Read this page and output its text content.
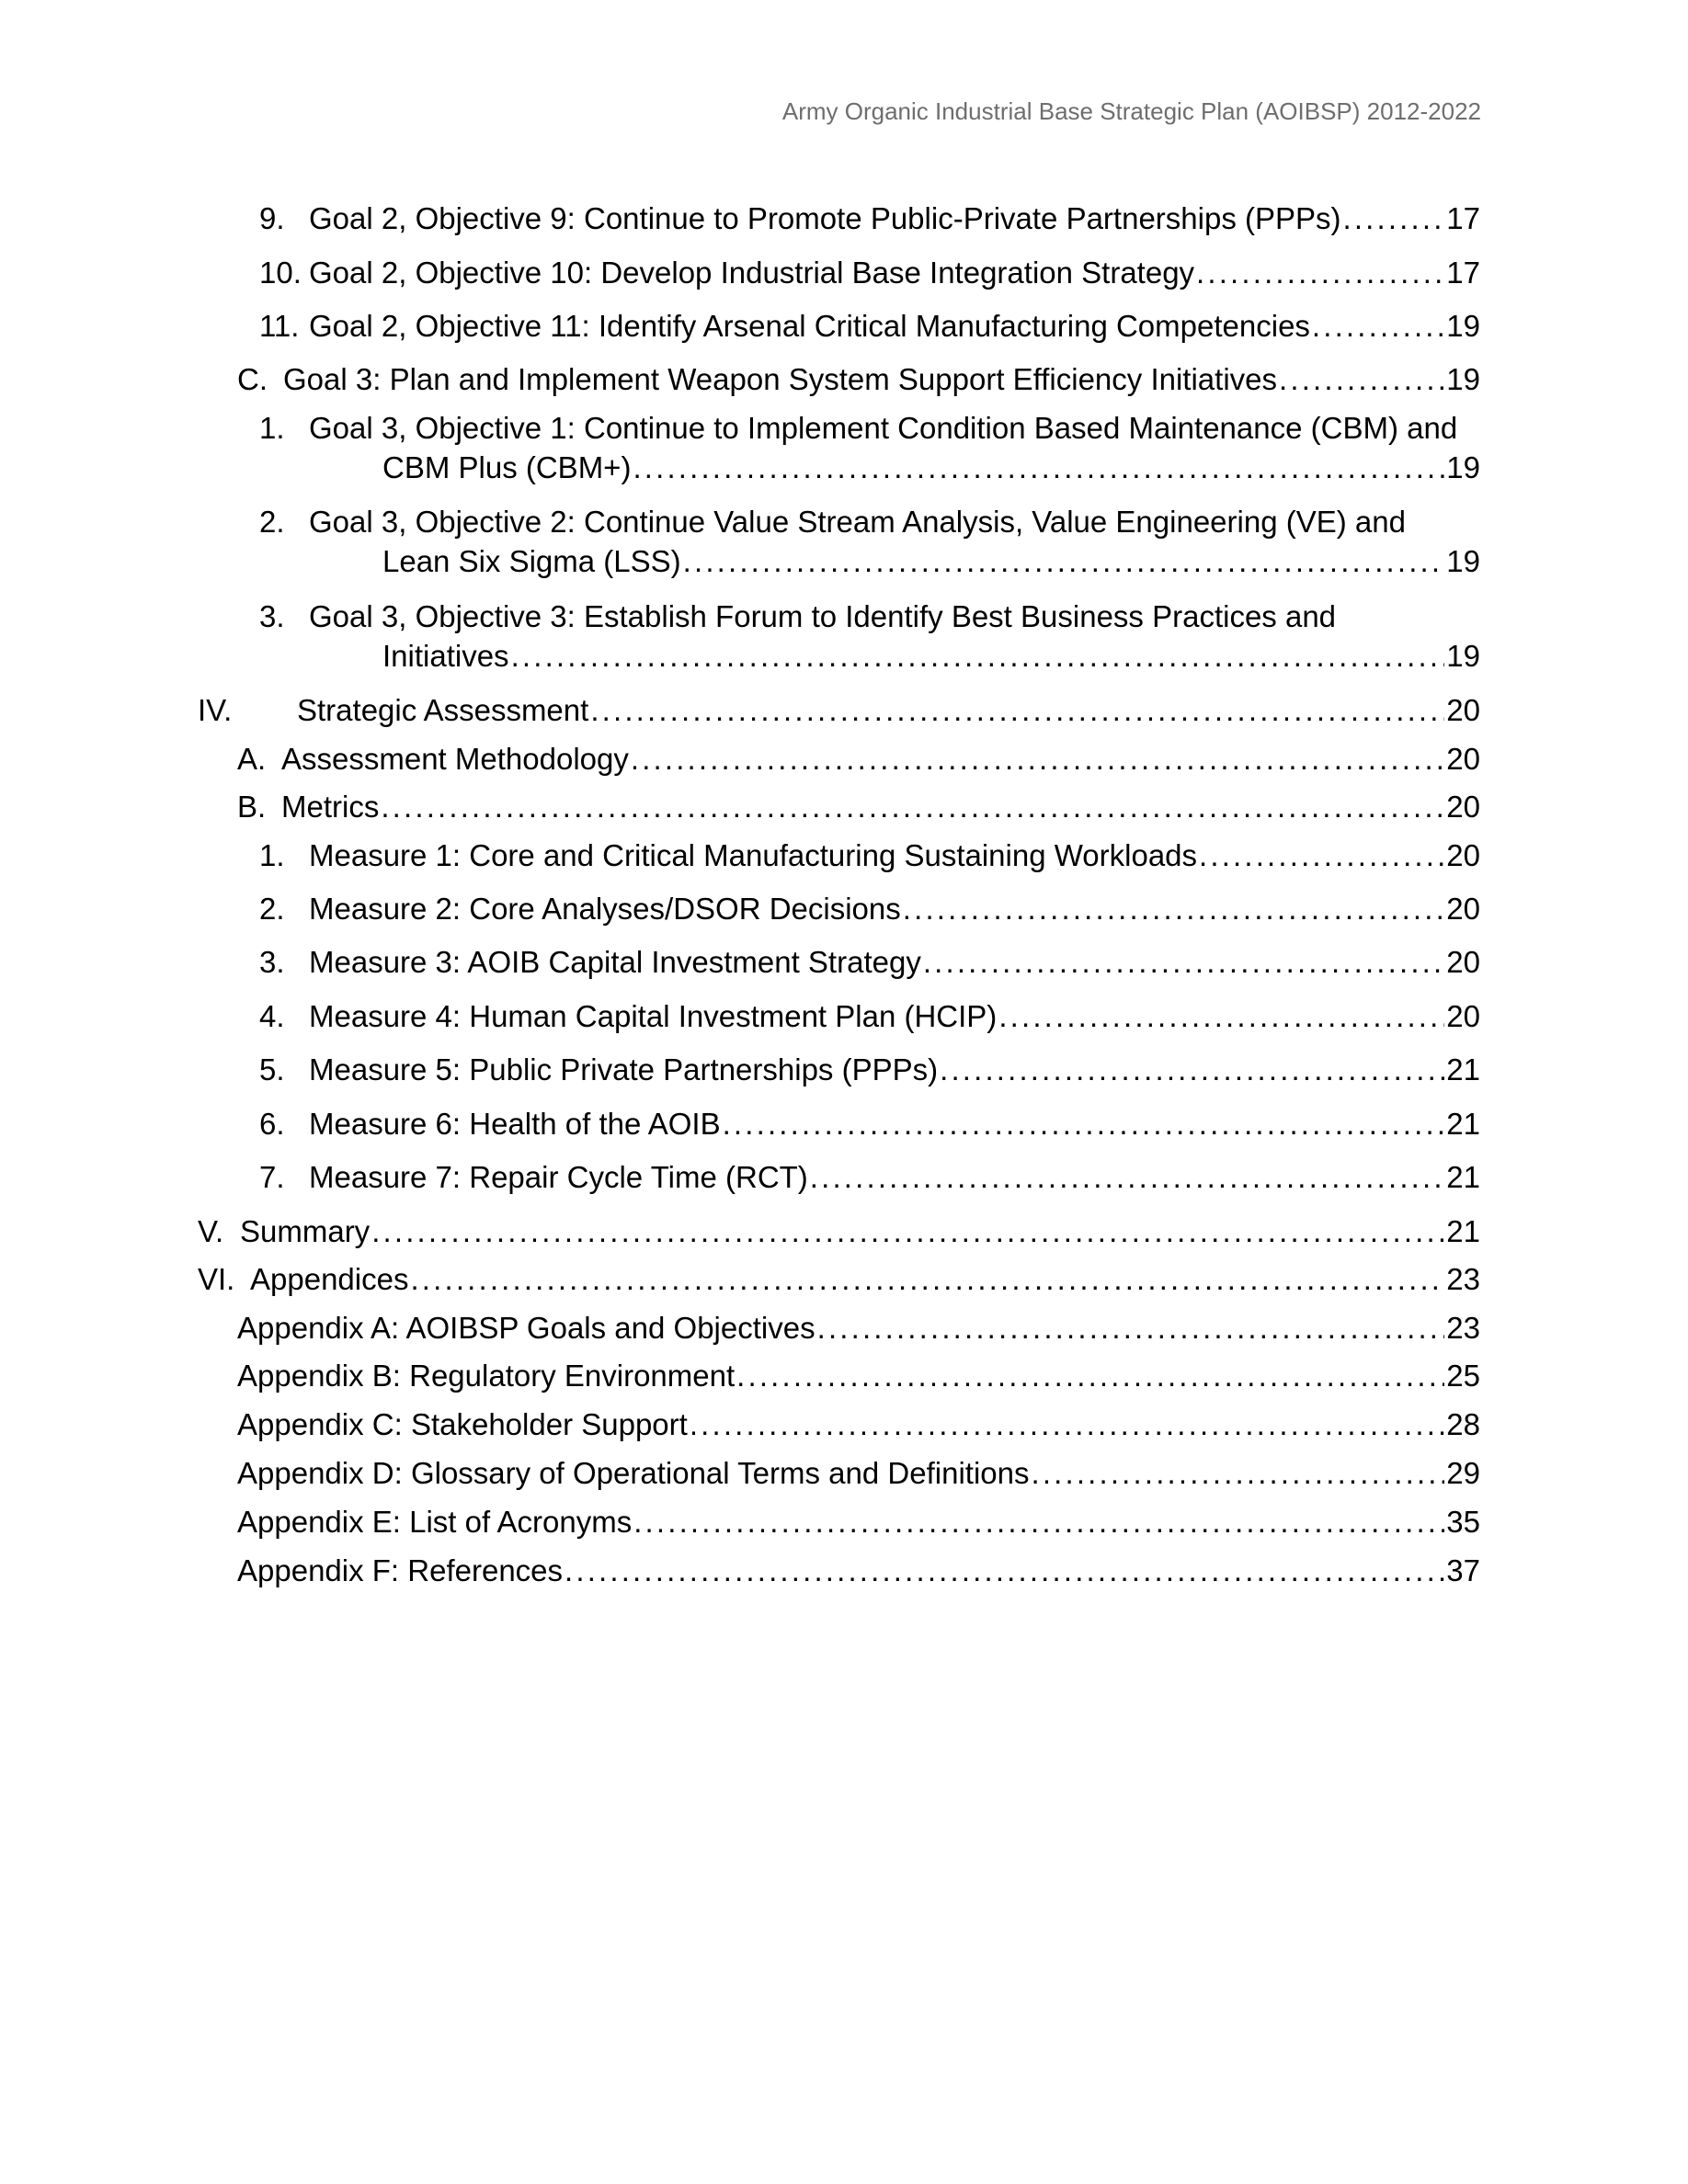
Army Organic Industrial Base Strategic Plan (AOIBSP) 2012-2022
9. Goal 2, Objective 9: Continue to Promote Public-Private Partnerships (PPPs) . . .	17
10. Goal 2, Objective 10: Develop Industrial Base Integration Strategy . . .	17
11. Goal 2, Objective 11: Identify Arsenal Critical Manufacturing Competencies . . .	19
C. Goal 3: Plan and Implement Weapon System Support Efficiency Initiatives . . .	19
1. Goal 3, Objective 1: Continue to Implement Condition Based Maintenance (CBM) and
CBM Plus (CBM+) . . .	19
2. Goal 3, Objective 2: Continue Value Stream Analysis, Value Engineering (VE) and
Lean Six Sigma (LSS) . . .	19
3. Goal 3, Objective 3: Establish Forum to Identify Best Business Practices and
Initiatives . . .	19
IV.	Strategic Assessment . . .	20
A. Assessment Methodology . . .	20
B. Metrics . . .	20
1. Measure 1: Core and Critical Manufacturing Sustaining Workloads . . .	20
2. Measure 2: Core Analyses/DSOR Decisions . . .	20
3. Measure 3: AOIB Capital Investment Strategy . . .	20
4. Measure 4: Human Capital Investment Plan (HCIP) . . .	20
5. Measure 5: Public Private Partnerships (PPPs) . . .	21
6. Measure 6: Health of the AOIB . . .	21
7. Measure 7: Repair Cycle Time (RCT) . . .	21
V. Summary . . .	21
VI. Appendices . . .	23
Appendix A: AOIBSP Goals and Objectives . . .	23
Appendix B: Regulatory Environment . . .	25
Appendix C: Stakeholder Support . . .	28
Appendix D: Glossary of Operational Terms and Definitions . . .	29
Appendix E: List of Acronyms . . .	35
Appendix F: References . . .	37
